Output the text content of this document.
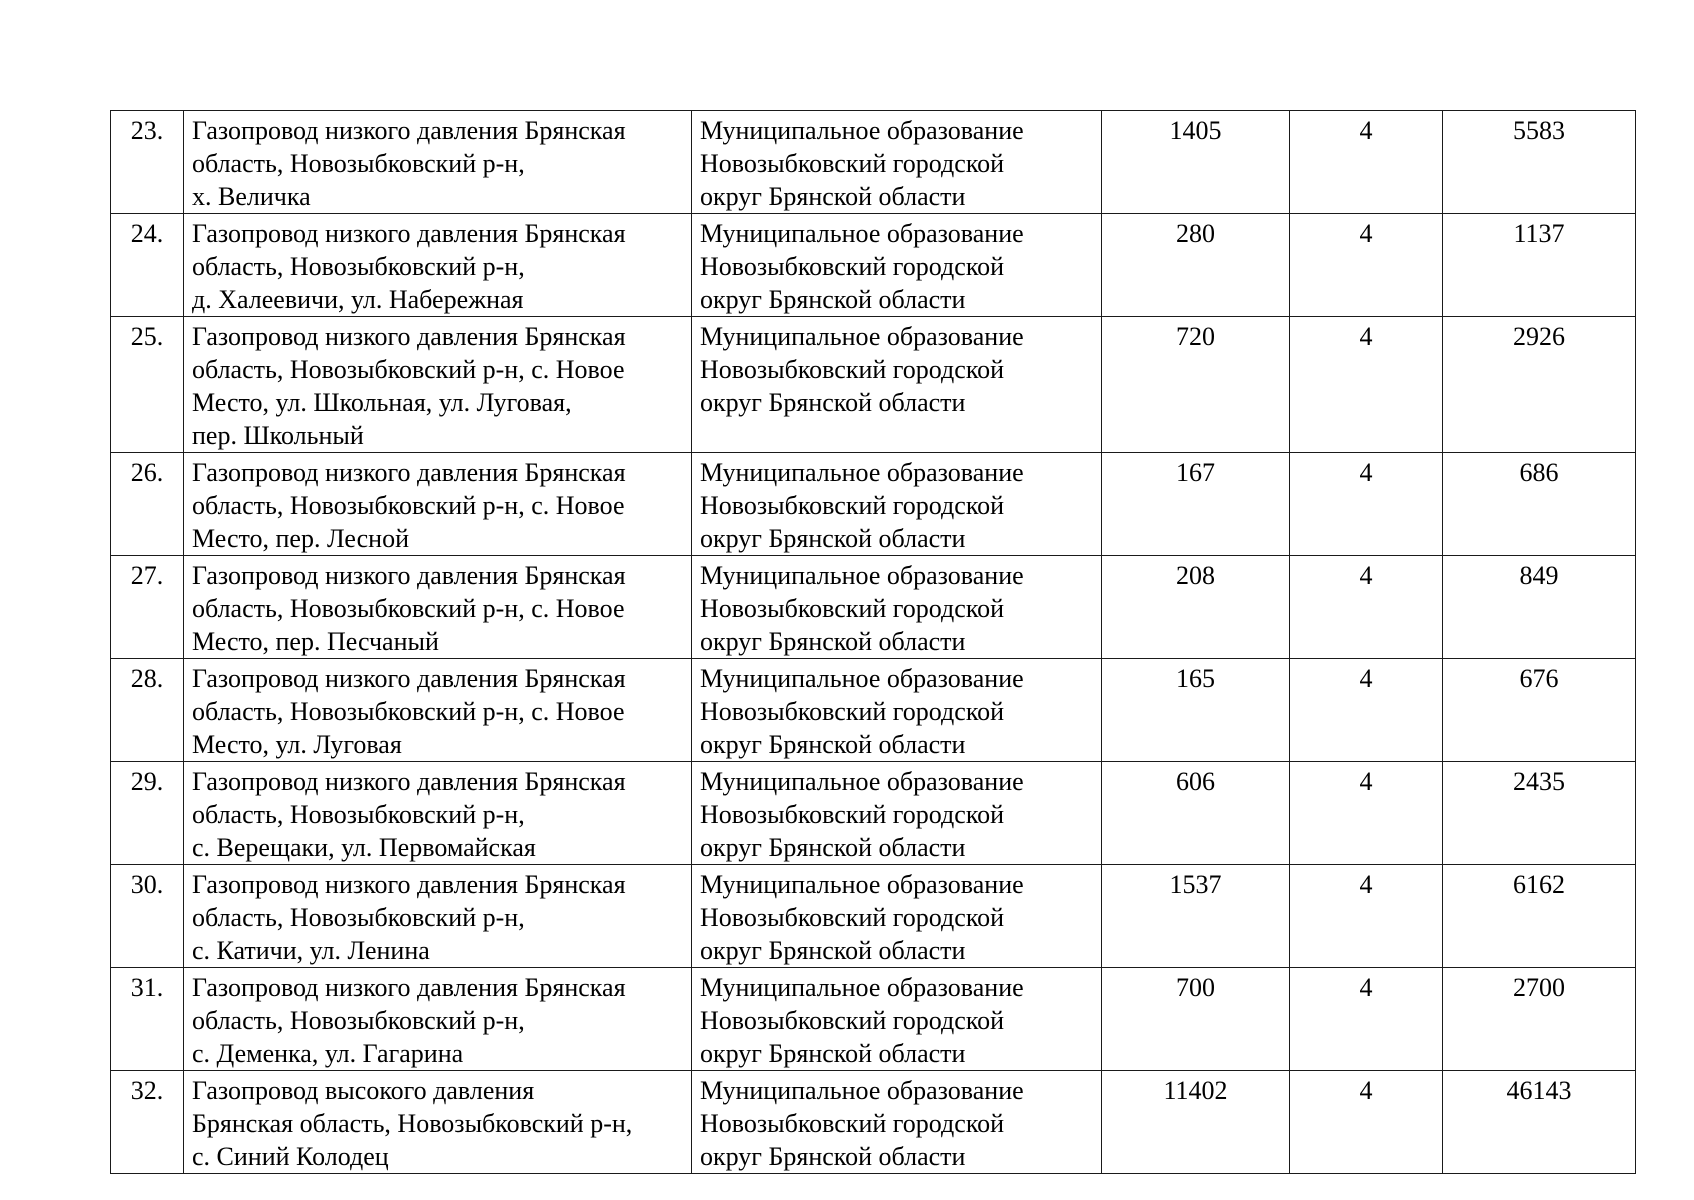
23.	Газопровод низкого давления Брянская
область, Новозыбковский р-н,
х. Величка	Муниципальное образование
Новозыбковский городской
округ Брянской области	1405	4	5583
24.	Газопровод низкого давления Брянская
область, Новозыбковский р-н,
д. Халеевичи, ул. Набережная	Муниципальное образование
Новозыбковский городской
округ Брянской области	280	4	1137
25.	Газопровод низкого давления Брянская
область, Новозыбковский р-н, с. Новое
Место, ул. Школьная, ул. Луговая,
пер. Школьный	Муниципальное образование
Новозыбковский городской
округ Брянской области	720	4	2926
26.	Газопровод низкого давления Брянская
область, Новозыбковский р-н, с. Новое
Место, пер. Лесной	Муниципальное образование
Новозыбковский городской
округ Брянской области	167	4	686
27.	Газопровод низкого давления Брянская
область, Новозыбковский р-н, с. Новое
Место, пер. Песчаный	Муниципальное образование
Новозыбковский городской
округ Брянской области	208	4	849
28.	Газопровод низкого давления Брянская
область, Новозыбковский р-н, с. Новое
Место, ул. Луговая	Муниципальное образование
Новозыбковский городской
округ Брянской области	165	4	676
29.	Газопровод низкого давления Брянская
область, Новозыбковский р-н,
с. Верещаки, ул. Первомайская	Муниципальное образование
Новозыбковский городской
округ Брянской области	606	4	2435
30.	Газопровод низкого давления Брянская
область, Новозыбковский р-н,
с. Катичи, ул. Ленина	Муниципальное образование
Новозыбковский городской
округ Брянской области	1537	4	6162
31.	Газопровод низкого давления Брянская
область, Новозыбковский р-н,
с. Деменка, ул. Гагарина	Муниципальное образование
Новозыбковский городской
округ Брянской области	700	4	2700
32.	Газопровод высокого давления
Брянская область, Новозыбковский р-н,
с. Синий Колодец	Муниципальное образование
Новозыбковский городской
округ Брянской области	11402	4	46143
